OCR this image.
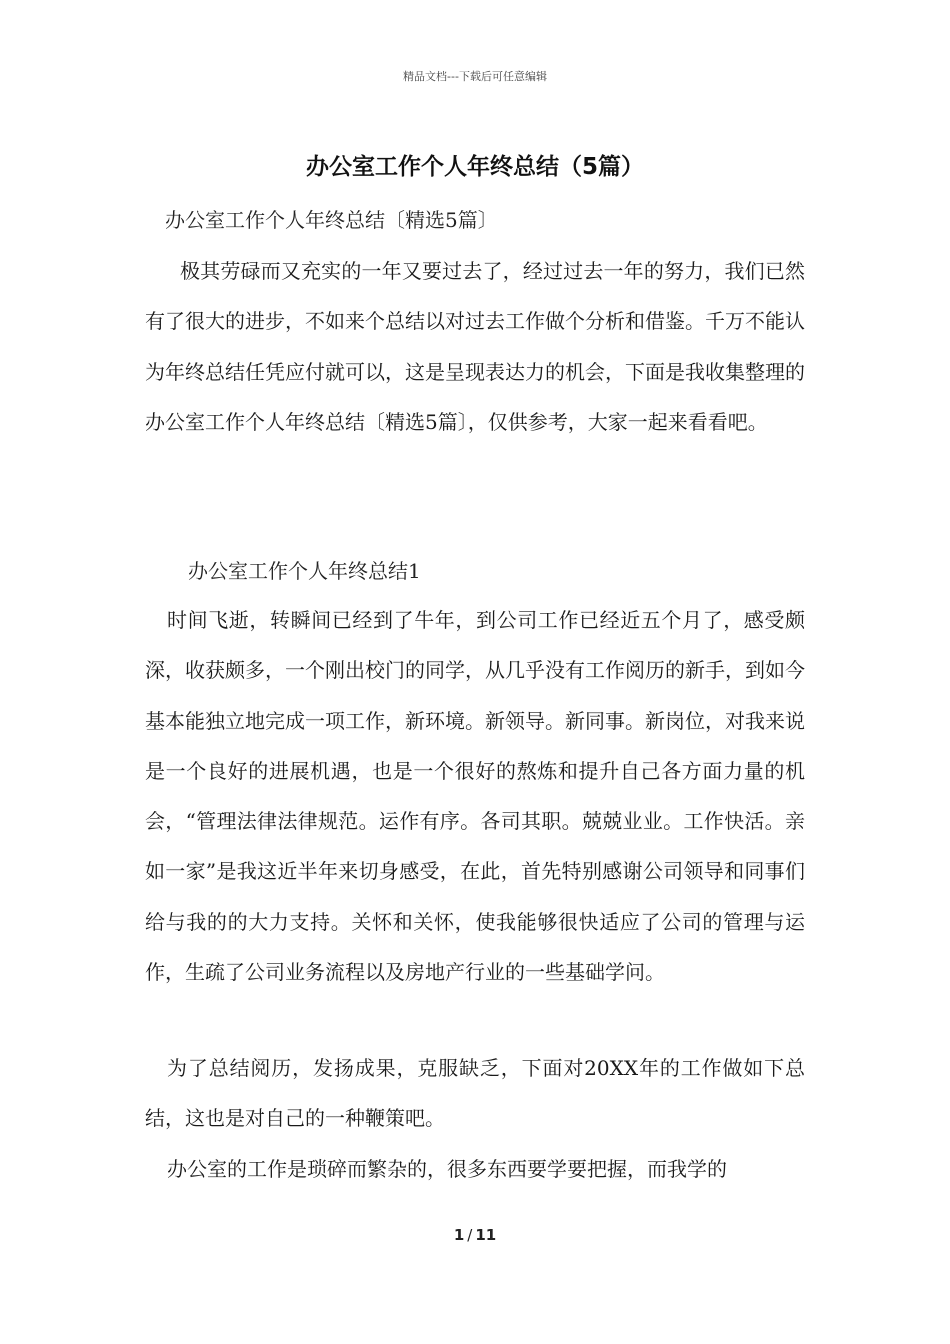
精品文档---下载后可任意编辑
办公室工作个人年终总结（5篇）
办公室工作个人年终总结〔精选5篇〕
极其劳碌而又充实的一年又要过去了，经过过去一年的努力，我们已然有了很大的进步，不如来个总结以对过去工作做个分析和借鉴。千万不能认为年终总结任凭应付就可以，这是呈现表达力的机会，下面是我收集整理的办公室工作个人年终总结〔精选5篇〕，仅供参考，大家一起来看看吧。
办公室工作个人年终总结1
时间飞逝，转瞬间已经到了牛年，到公司工作已经近五个月了，感受颇深，收获颇多，一个刚出校门的同学，从几乎没有工作阅历的新手，到如今基本能独立地完成一项工作，新环境。新领导。新同事。新岗位，对我来说是一个良好的进展机遇，也是一个很好的熬炼和提升自己各方面力量的机会，“管理法律法律规范。运作有序。各司其职。兢兢业业。工作快活。亲如一家”是我这近半年来切身感受，在此，首先特别感谢公司领导和同事们给与我的的大力支持。关怀和关怀，使我能够很快适应了公司的管理与运作，生疏了公司业务流程以及房地产行业的一些基础学问。
为了总结阅历，发扬成果，克服缺乏，下面对20XX年的工作做如下总结，这也是对自己的一种鞭策吧。
办公室的工作是琐碎而繁杂的，很多东西要学要把握，而我学的
1 / 11
